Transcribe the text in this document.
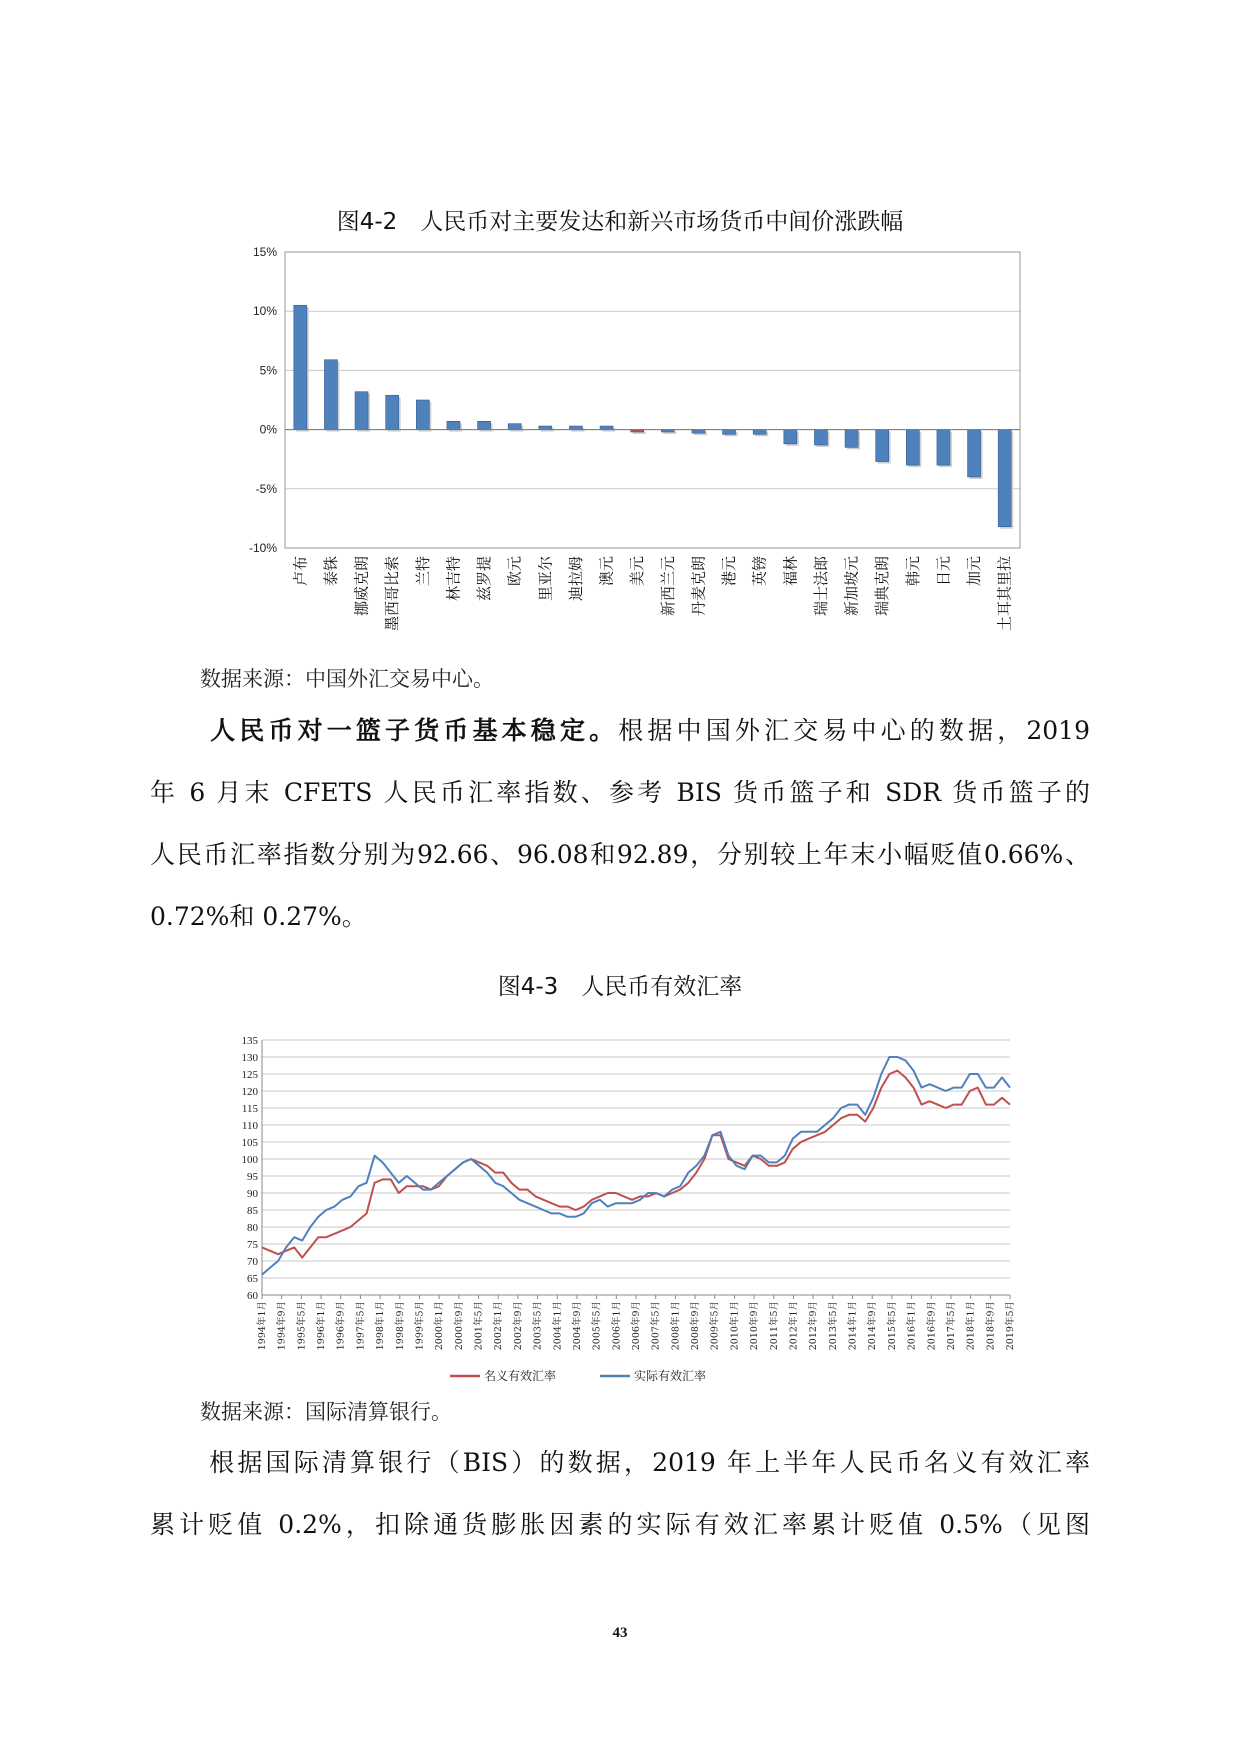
图4-2　人民币对主要发达和新兴市场货币中间价涨跌幅
-10%
-5%
0%
5%
10%
15%
卢布 泰铢 挪威克朗 墨西哥比索 兰特 林吉特 兹罗提 欧元 里亚尔 迪拉姆 澳元 美元 新西兰元 丹麦克朗 港元 英镑 福林 瑞士法郎 新加坡元 瑞典克朗 韩元 日元 加元 土耳其里拉
数据来源：中国外汇交易中心。
人民币对一篮子货币基本稳定。根据中国外汇交易中心的数据，2019
年 6 月末 CFETS 人民币汇率指数、参考 BIS 货币篮子和 SDR 货币篮子的
人民币汇率指数分别为92.66、96.08和92.89，分别较上年末小幅贬值0.66%、
0.72%和 0.27%。
图4-3　人民币有效汇率
60
65
70
75
80
85
90
95
100
105
110
115
120
125
130
135
1994年1月 1994年9月 1995年5月 1996年1月 1996年9月 1997年5月 1998年1月 1998年9月 1999年5月 2000年1月 2000年9月 2001年5月 2002年1月 2002年9月 2003年5月 2004年1月 2004年9月 2005年5月 2006年1月 2006年9月 2007年5月 2008年1月 2008年9月 2009年5月 2010年1月 2010年9月 2011年5月 2012年1月 2012年9月 2013年5月 2014年1月 2014年9月 2015年5月 2016年1月 2016年9月 2017年5月 2018年1月 2018年9月 2019年5月
名义有效汇率	实际有效汇率
数据来源：国际清算银行。
根据国际清算银行（BIS）的数据，2019 年上半年人民币名义有效汇率
累计贬值 0.2%，扣除通货膨胀因素的实际有效汇率累计贬值 0.5%（见图
43
